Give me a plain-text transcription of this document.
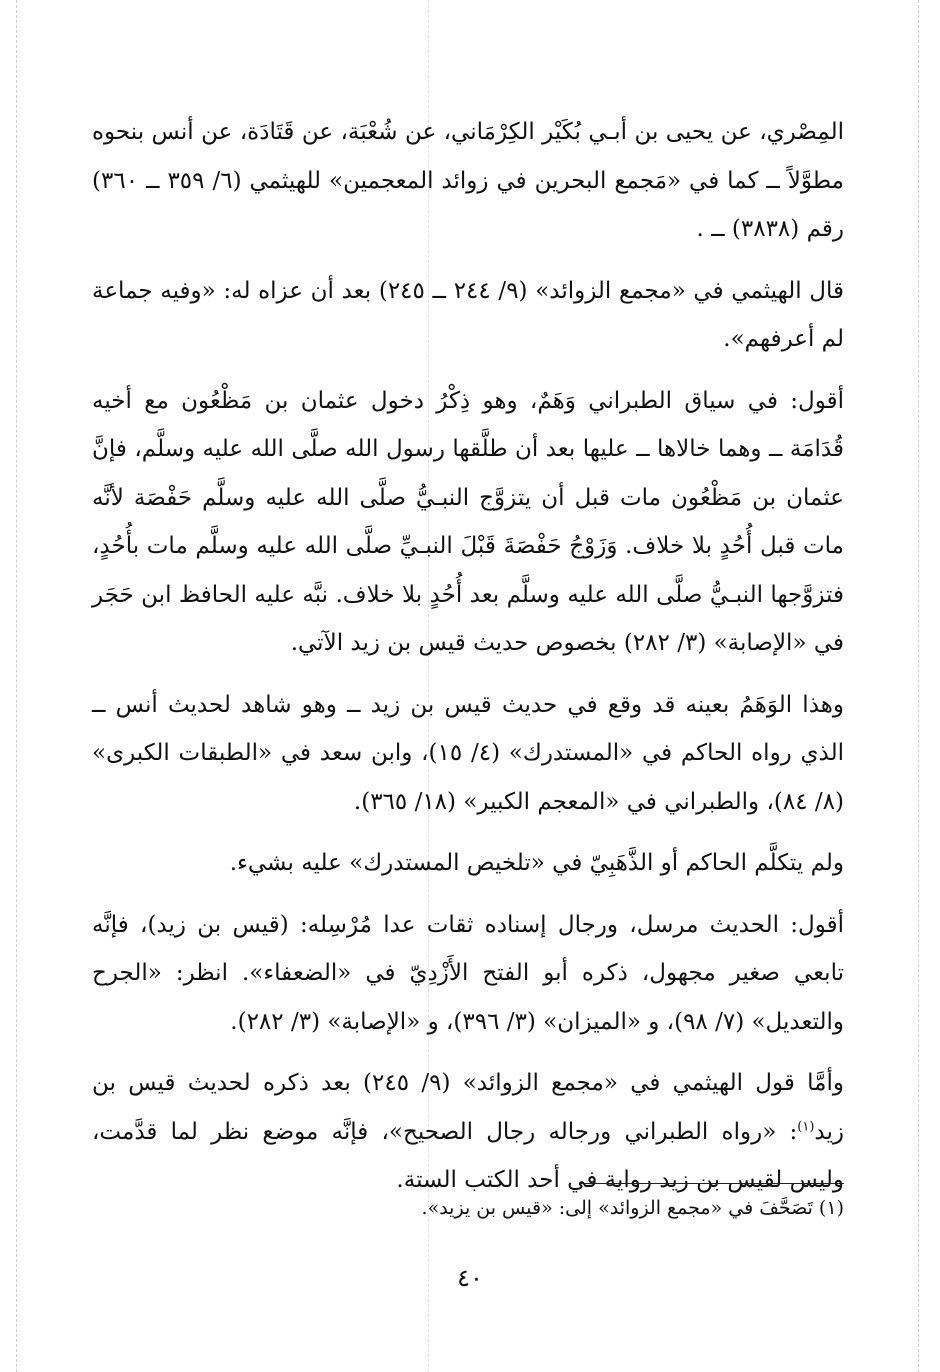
المِصْري، عن يحيى بن أبـي بُكَيْر الكِرْمَاني، عن شُعْبَة، عن قَتَادَة، عن أنس بنحوه مطوَّلاً ــ كما في «مَجمع البحرين في زوائد المعجمين» للهيثمي (٦/ ٣٥٩ ــ ٣٦٠) رقم (٣٨٣٨) ــ .

قال الهيثمي في «مجمع الزوائد» (٩/ ٢٤٤ ــ ٢٤٥) بعد أن عزاه له: «وفيه جماعة لم أعرفهم».

أقول: في سياق الطبراني وَهَمٌ، وهو ذِكْرُ دخول عثمان بن مَظْعُون مع أخيه قُدَامَة ــ وهما خالاها ــ عليها بعد أن طلَّقها رسول الله صلَّى الله عليه وسلَّم، فإنَّ عثمان بن مَظْعُون مات قبل أن يتزوَّج النبـيُّ صلَّى الله عليه وسلَّم حَفْصَة لأنَّه مات قبل أُحُدٍ بلا خلاف. وَزَوْجُ حَفْصَةَ قَبْلَ النبـيِّ صلَّى الله عليه وسلَّم مات بأُحُدٍ، فتزوَّجها النبـيُّ صلَّى الله عليه وسلَّم بعد أُحُدٍ بلا خلاف. نبَّه عليه الحافظ ابن حَجَر في «الإصابة» (٣/ ٢٨٢) بخصوص حديث قيس بن زيد الآتي.

وهذا الوَهَمُ بعينه قد وقع في حديث قيس بن زيد ــ وهو شاهد لحديث أنس ــ الذي رواه الحاكم في «المستدرك» (٤/ ١٥)، وابن سعد في «الطبقات الكبرى» (٨/ ٨٤)، والطبراني في «المعجم الكبير» (١٨/ ٣٦٥).

ولم يتكلَّم الحاكم أو الذَّهَبِيّ في «تلخيص المستدرك» عليه بشيء.

أقول: الحديث مرسل، ورجال إسناده ثقات عدا مُرْسِله: (قيس بن زيد)، فإنَّه تابعي صغير مجهول، ذكره أبو الفتح الأَزْدِيّ في «الضعفاء». انظر: «الجرح والتعديل» (٧/ ٩٨)، و «الميزان» (٣/ ٣٩٦)، و «الإصابة» (٣/ ٢٨٢).

وأمَّا قول الهيثمي في «مجمع الزوائد» (٩/ ٢٤٥) بعد ذكره لحديث قيس بن زيد$^{(١)}$: «رواه الطبراني ورجاله رجال الصحيح»، فإنَّه موضع نظر لما قدَّمت، وليس لقيس بن زيد رواية في أحد الكتب الستة.

(١) تَصَحَّفَ في «مجمع الزوائد» إلى: «قيس بن يزيد».
٤٠
